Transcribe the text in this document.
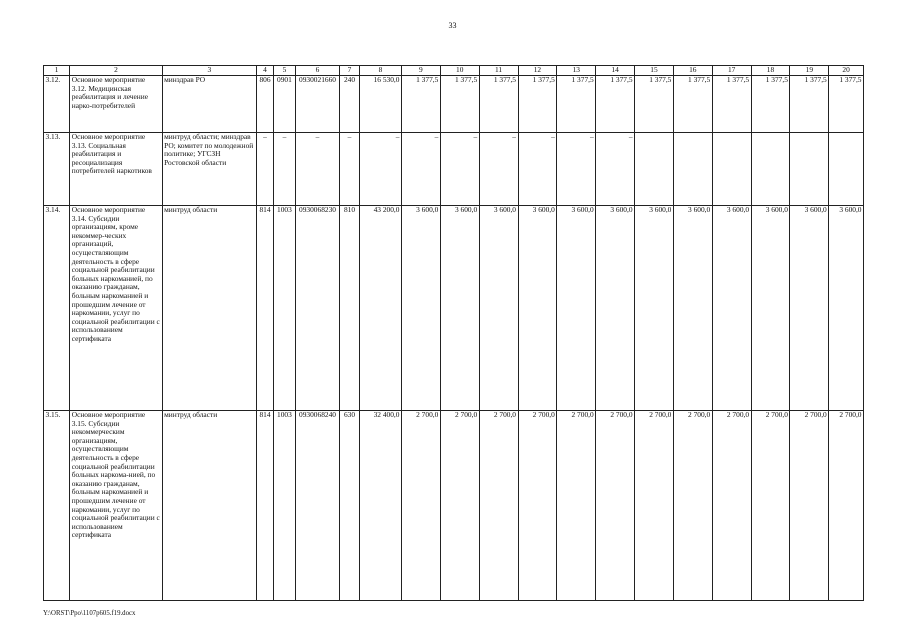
33
1	2	3	4	5	6	7	8	9	10	11	12	13	14	15	16	17	18	19	20
3.12.	Основное мероприятие 3.12. Медицинская реабилитация и лечение нарко-потребителей	минздрав РО	806	0901	0930021660	240	16 530,0	1 377,5	1 377,5	1 377,5	1 377,5	1 377,5	1 377,5	1 377,5	1 377,5	1 377,5	1 377,5	1 377,5	1 377,5
3.13.	Основное мероприятие 3.13. Социальная реабилитация и ресоциализация потребителей наркотиков	минтруд области; минздрав РО; комитет по молодежной политике; УГСЗН Ростовской области	–	–	–	–	–	–	–	–	–	–	–						
3.14.	Основное мероприятие 3.14. Субсидии организациям, кроме некоммер-ческих организаций, осуществляющим деятельность в сфере социальной реабилитации больных наркоманией, по оказанию гражданам, больным наркоманией и прошедшим лечение от наркомании, услуг по социальной реабилитации с использованием сертификата	минтруд области	814	1003	0930068230	810	43 200,0	3 600,0	3 600,0	3 600,0	3 600,0	3 600,0	3 600,0	3 600,0	3 600,0	3 600,0	3 600,0	3 600,0	3 600,0
3.15.	Основное мероприятие 3.15. Субсидии некоммерческим организациям, осуществляющим деятельность в сфере социальной реабилитации больных наркома-нией, по оказанию гражданам, больным наркоманией и прошедшим лечение от наркомании, услуг по социальной реабилитации с использованием сертификата	минтруд области	814	1003	0930068240	630	32 400,0	2 700,0	2 700,0	2 700,0	2 700,0	2 700,0	2 700,0	2 700,0	2 700,0	2 700,0	2 700,0	2 700,0	2 700,0
Y:\ORST\Ppo\1107p605.f19.docx
